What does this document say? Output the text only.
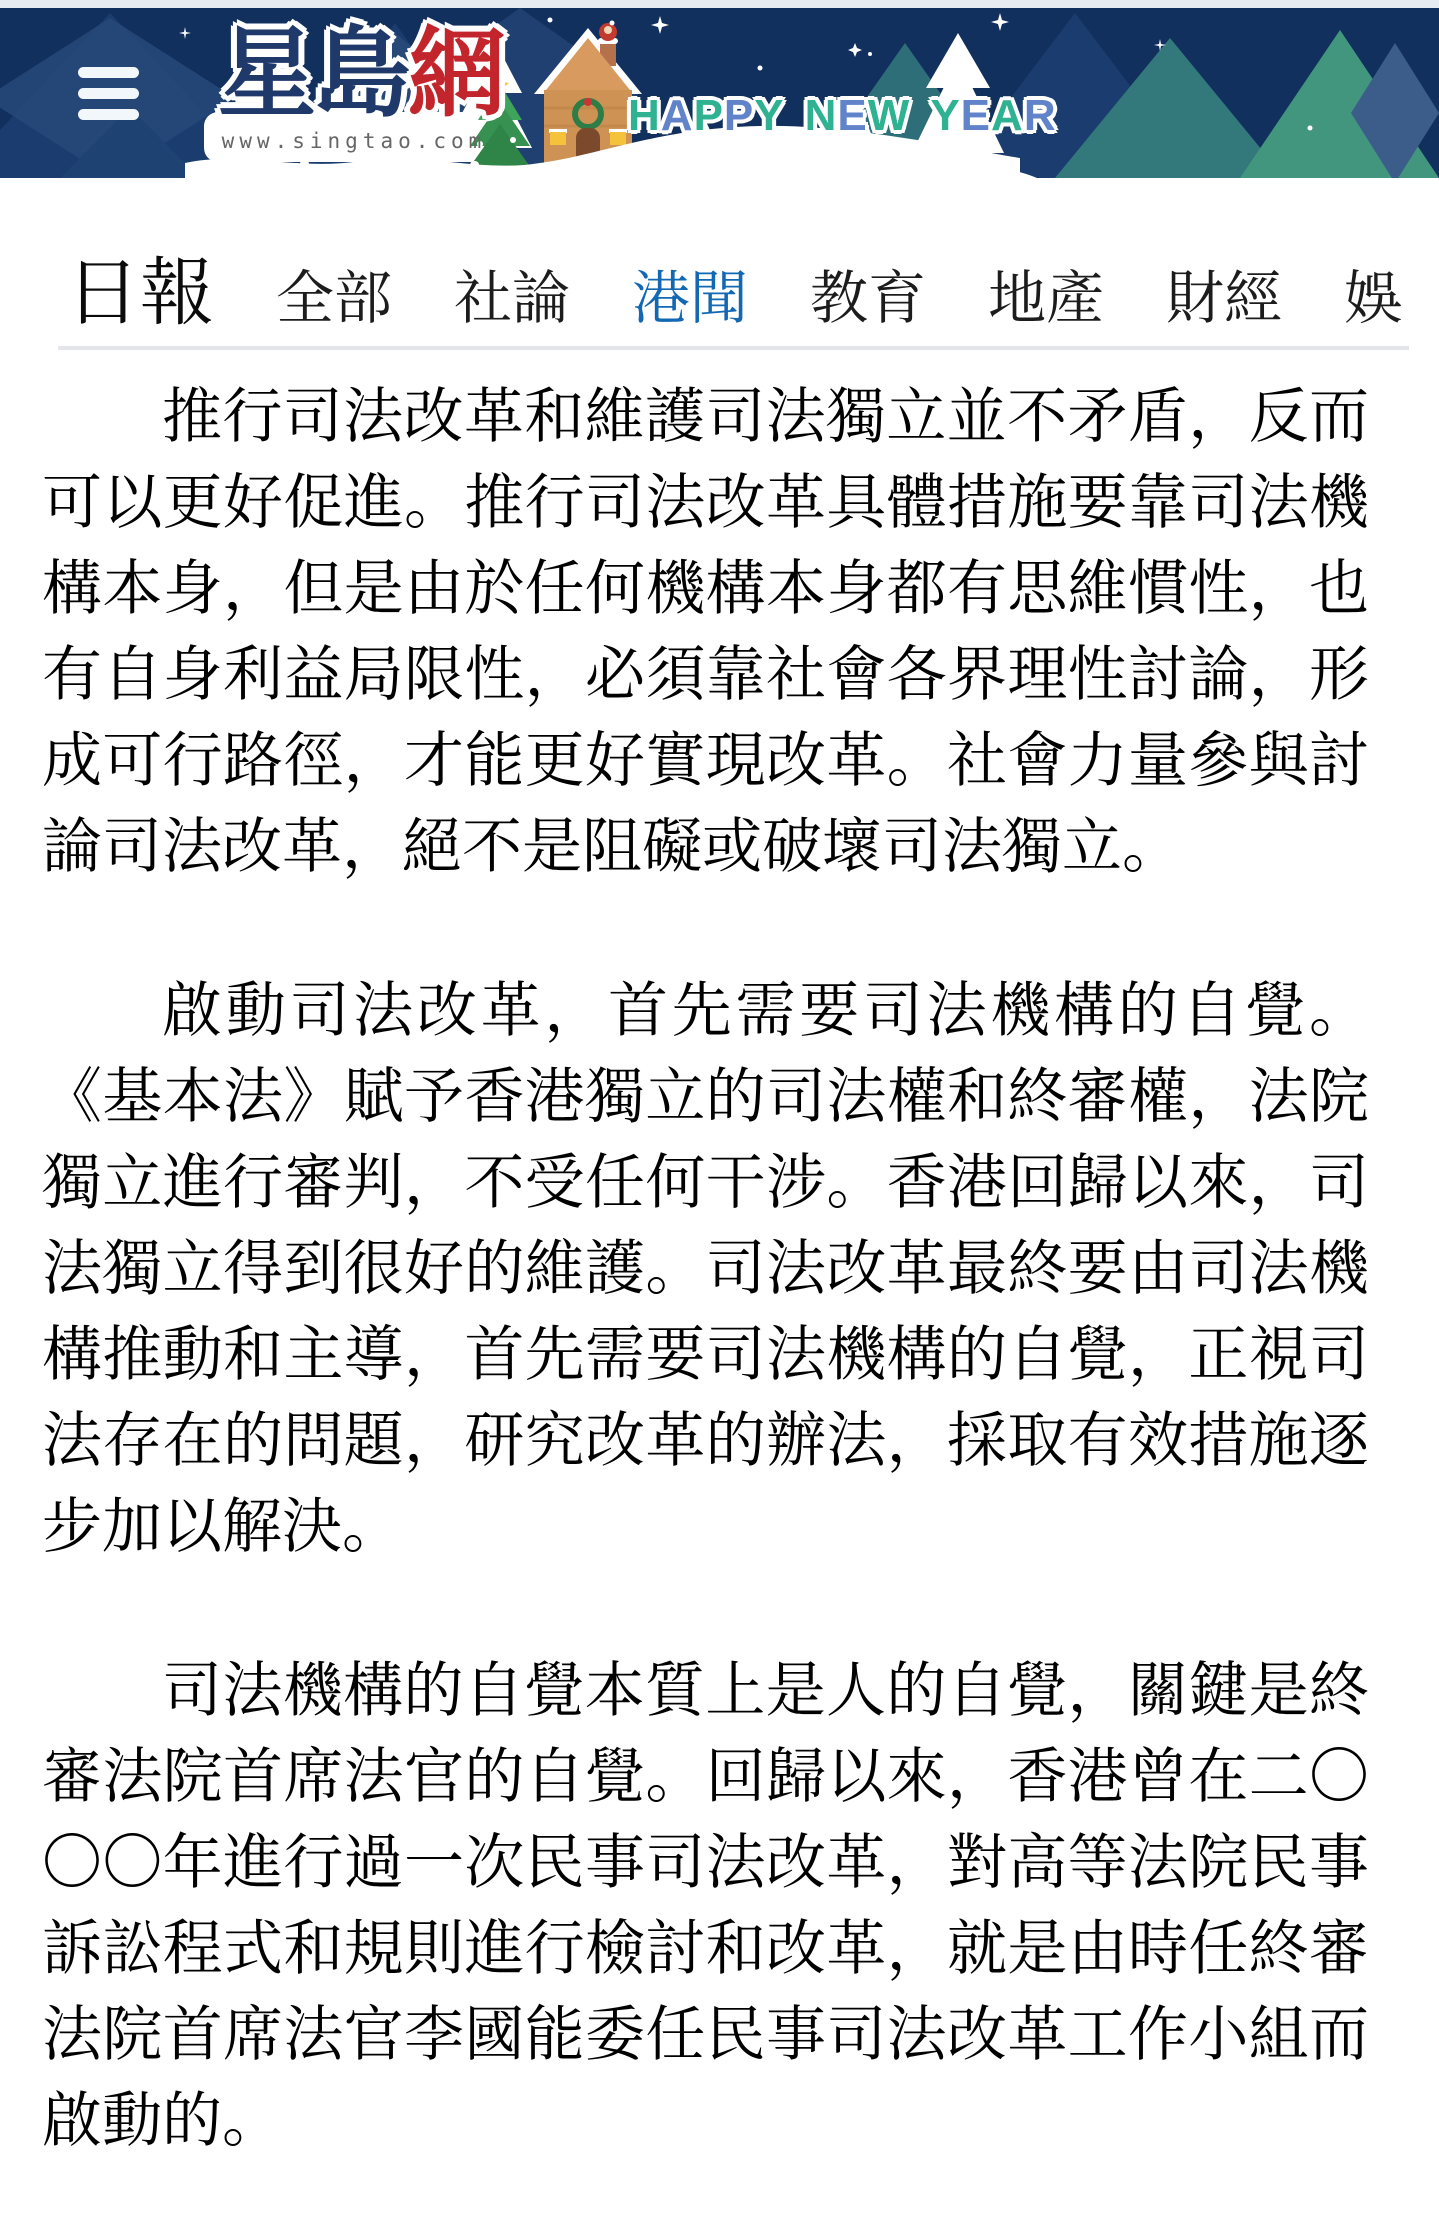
星島網
www.singtao.com
HAPPY NEW YEAR
日報 全部 社論 港聞 教育 地產 財經 娛

推行司法改革和維護司法獨立並不矛盾，反而可以更好促進。推行司法改革具體措施要靠司法機構本身，但是由於任何機構本身都有思維慣性，也有自身利益局限性，必須靠社會各界理性討論，形成可行路徑，才能更好實現改革。社會力量參與討論司法改革，絕不是阻礙或破壞司法獨立。

啟動司法改革，首先需要司法機構的自覺。《基本法》賦予香港獨立的司法權和終審權，法院獨立進行審判，不受任何干涉。香港回歸以來，司法獨立得到很好的維護。司法改革最終要由司法機構推動和主導，首先需要司法機構的自覺，正視司法存在的問題，研究改革的辦法，採取有效措施逐步加以解決。

司法機構的自覺本質上是人的自覺，關鍵是終審法院首席法官的自覺。回歸以來，香港曾在二〇〇〇年進行過一次民事司法改革，對高等法院民事訴訟程式和規則進行檢討和改革，就是由時任終審法院首席法官李國能委任民事司法改革工作小組而啟動的。
